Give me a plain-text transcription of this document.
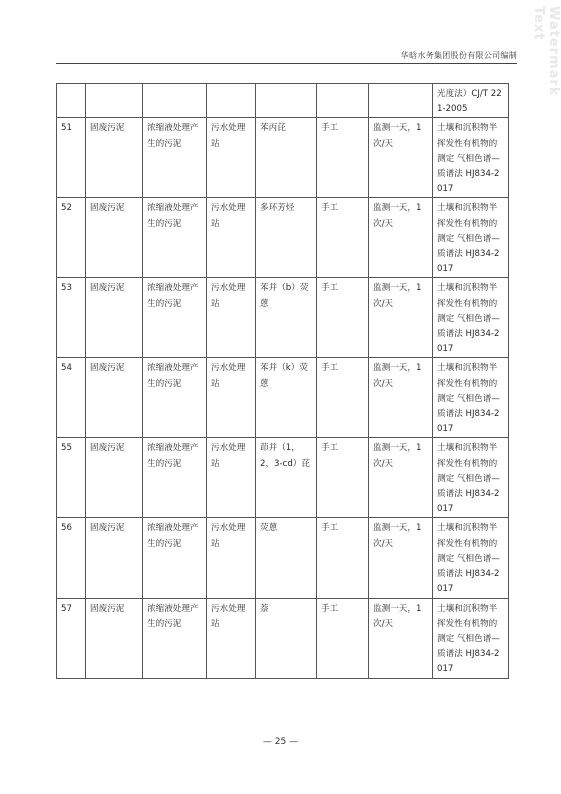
Watermark Text
华晗水务集团股份有限公司编制
							光度法）CJ/T 221-2005
51	固废污泥	浓缩液处理产生的污泥	污水处理站	苯丙芘	手工	监测一天，1次/天	土壤和沉积物半挥发性有机物的测定 气相色谱—质谱法 HJ834-2017
52	固废污泥	浓缩液处理产生的污泥	污水处理站	多环芳烃	手工	监测一天，1次/天	土壤和沉积物半挥发性有机物的测定 气相色谱—质谱法 HJ834-2017
53	固废污泥	浓缩液处理产生的污泥	污水处理站	苯并（b）荧蒽	手工	监测一天，1次/天	土壤和沉积物半挥发性有机物的测定 气相色谱—质谱法 HJ834-2017
54	固废污泥	浓缩液处理产生的污泥	污水处理站	苯并（k）荧蒽	手工	监测一天，1次/天	土壤和沉积物半挥发性有机物的测定 气相色谱—质谱法 HJ834-2017
55	固废污泥	浓缩液处理产生的污泥	污水处理站	茚并（1，2，3-cd）芘	手工	监测一天，1次/天	土壤和沉积物半挥发性有机物的测定 气相色谱—质谱法 HJ834-2017
56	固废污泥	浓缩液处理产生的污泥	污水处理站	荧蒽	手工	监测一天，1次/天	土壤和沉积物半挥发性有机物的测定 气相色谱—质谱法 HJ834-2017
57	固废污泥	浓缩液处理产生的污泥	污水处理站	萘	手工	监测一天，1次/天	土壤和沉积物半挥发性有机物的测定 气相色谱—质谱法 HJ834-2017
— 25 —
